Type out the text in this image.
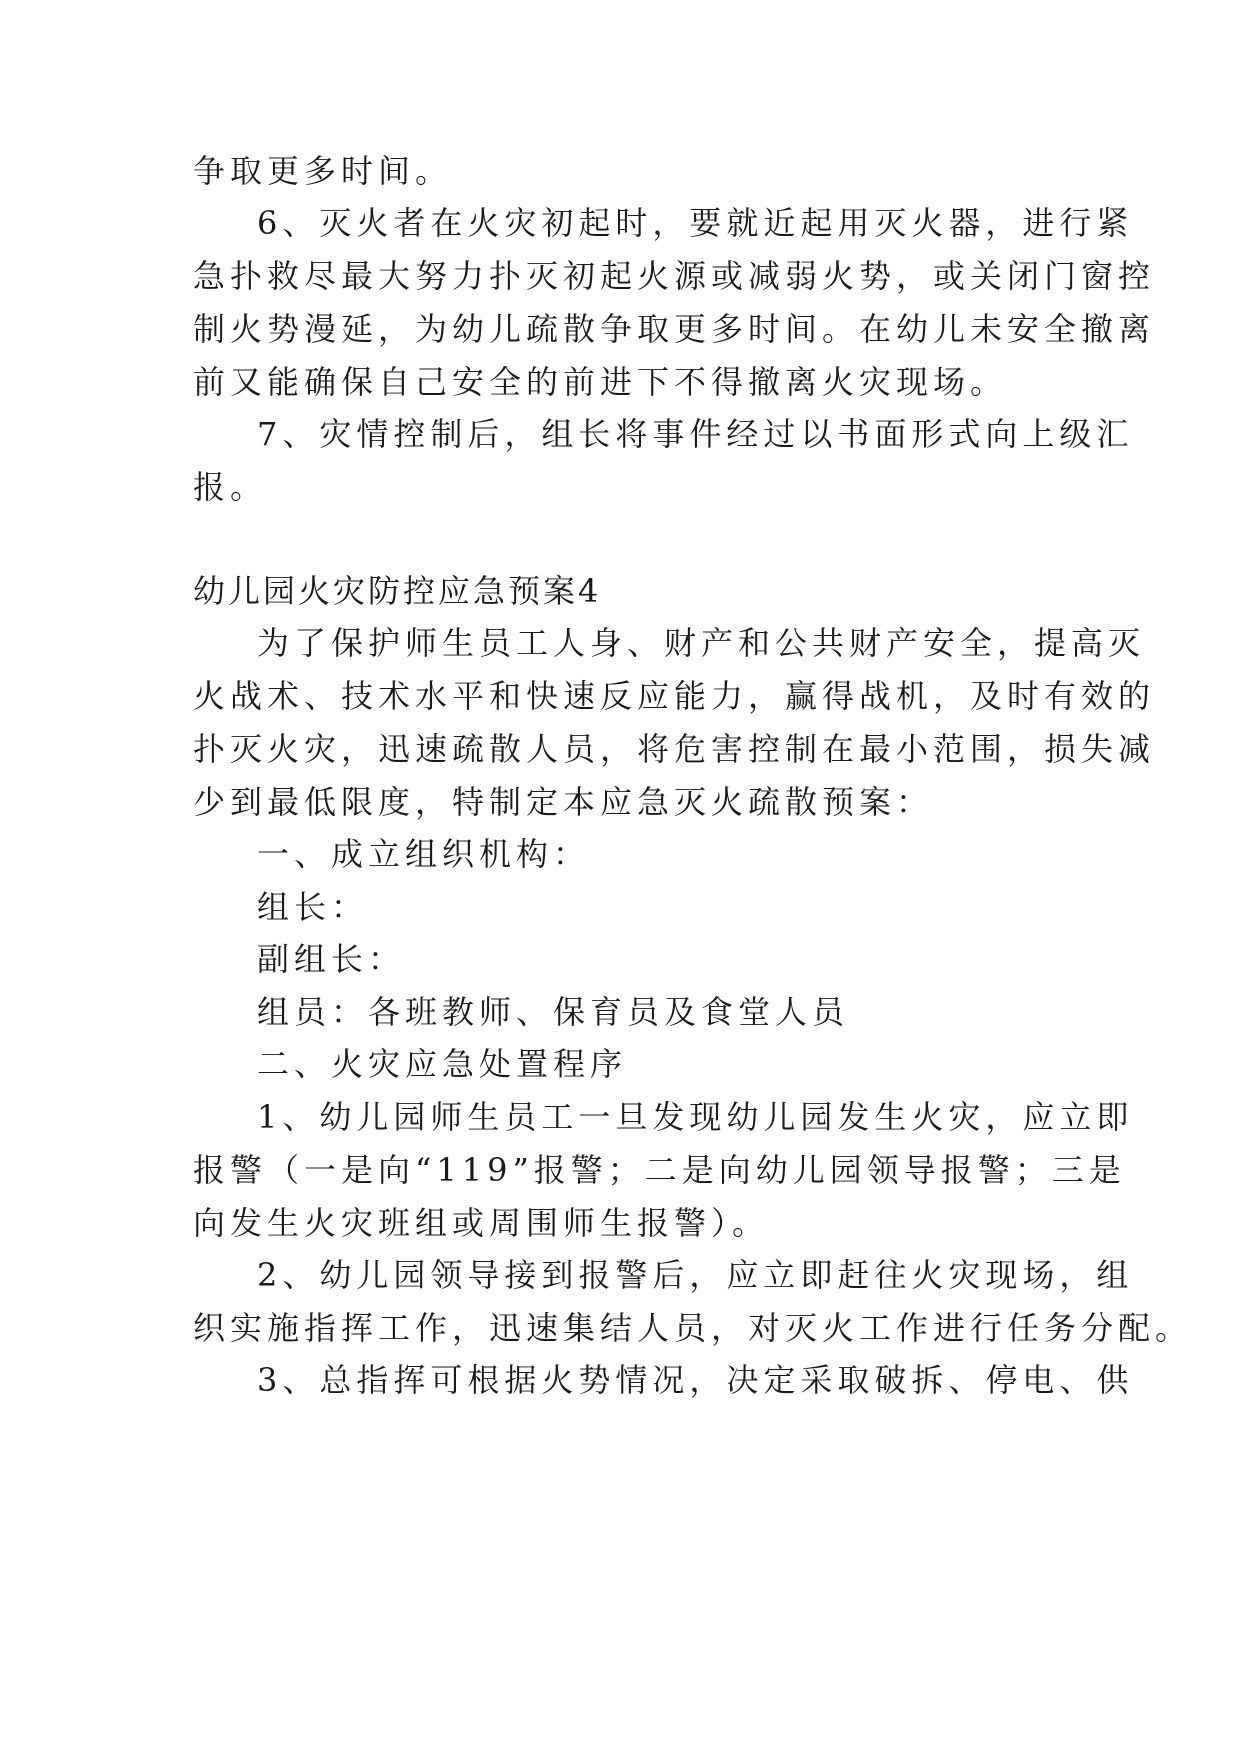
争取更多时间。

6、灭火者在火灾初起时，要就近起用灭火器，进行紧

急扑救尽最大努力扑灭初起火源或减弱火势，或关闭门窗控

制火势漫延，为幼儿疏散争取更多时间。在幼儿未安全撤离

前又能确保自己安全的前进下不得撤离火灾现场。

7、灾情控制后，组长将事件经过以书面形式向上级汇

报。

幼儿园火灾防控应急预案4

为了保护师生员工人身、财产和公共财产安全，提高灭

火战术、技术水平和快速反应能力，赢得战机，及时有效的

扑灭火灾，迅速疏散人员，将危害控制在最小范围，损失减

少到最低限度，特制定本应急灭火疏散预案：

一、成立组织机构：

组长：

副组长：

组员：各班教师、保育员及食堂人员

二、火灾应急处置程序

1、幼儿园师生员工一旦发现幼儿园发生火灾，应立即

报警（一是向“119”报警；二是向幼儿园领导报警；三是

向发生火灾班组或周围师生报警）。

2、幼儿园领导接到报警后，应立即赶往火灾现场，组

织实施指挥工作，迅速集结人员，对灭火工作进行任务分配。

3、总指挥可根据火势情况，决定采取破拆、停电、供
